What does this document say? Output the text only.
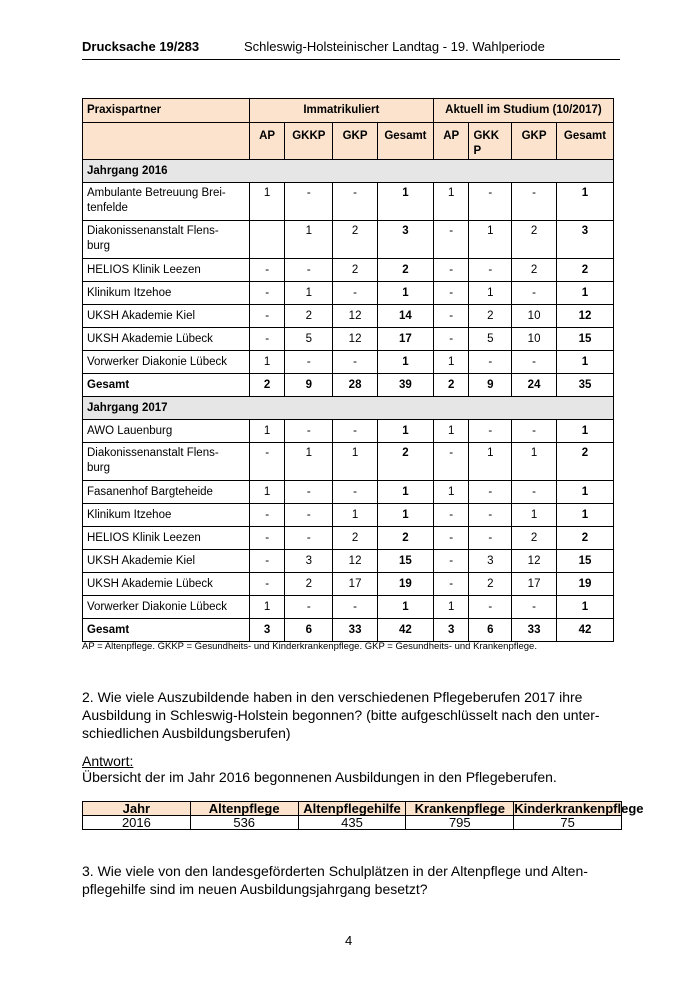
Drucksache 19/283	Schleswig-Holsteinischer Landtag - 19. Wahlperiode
Praxispartner	Immatrikuliert				Aktuell im Studium (10/2017)			
	AP	GKKP	GKP	Gesamt	AP	GKK P	GKP	Gesamt
Jahrgang 2016								
Ambulante Betreuung Brei-
tenfelde	1	-	-	1	1	-	-	1
Diakonissenanstalt Flens-
burg		1	2	3	-	1	2	3
HELIOS Klinik Leezen	-	-	2	2	-	-	2	2
Klinikum Itzehoe	-	1	-	1	-	1	-	1
UKSH Akademie Kiel	-	2	12	14	-	2	10	12
UKSH Akademie Lübeck	-	5	12	17	-	5	10	15
Vorwerker Diakonie Lübeck	1	-	-	1	1	-	-	1
Gesamt	2	9	28	39	2	9	24	35
Jahrgang 2017								
AWO Lauenburg	1	-	-	1	1	-	-	1
Diakonissenanstalt Flens-
burg	-	1	1	2	-	1	1	2
Fasanenhof Bargteheide	1	-	-	1	1	-	-	1
Klinikum Itzehoe	-	-	1	1	-	-	1	1
HELIOS Klinik Leezen	-	-	2	2	-	-	2	2
UKSH Akademie Kiel	-	3	12	15	-	3	12	15
UKSH Akademie Lübeck	-	2	17	19	-	2	17	19
Vorwerker Diakonie Lübeck	1	-	-	1	1	-	-	1
Gesamt	3	6	33	42	3	6	33	42
AP = Altenpflege. GKKP = Gesundheits- und Kinderkrankenpflege. GKP = Gesundheits- und Krankenpflege.
2. Wie viele Auszubildende haben in den verschiedenen Pflegeberufen 2017 ihre Ausbildung in Schleswig-Holstein begonnen? (bitte aufgeschlüsselt nach den unter-schiedlichen Ausbildungsberufen)
Antwort:
Übersicht der im Jahr 2016 begonnenen Ausbildungen in den Pflegeberufen.
Jahr	Altenpflege	Altenpflegehilfe	Krankenpflege	Kinderkrankenpflege
2016	536	435	795	75
3. Wie viele von den landesgeförderten Schulplätzen in der Altenpflege und Alten-pflegehilfe sind im neuen Ausbildungsjahrgang besetzt?
4
